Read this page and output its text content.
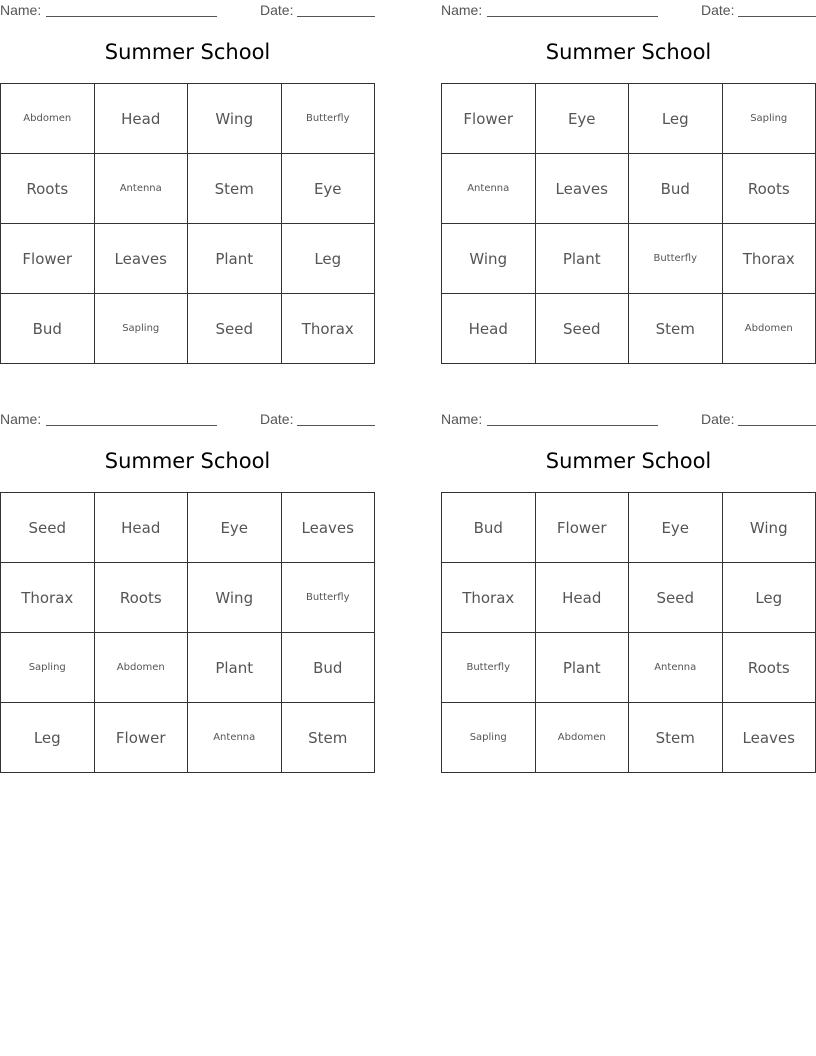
Name:	Date:
Summer School
Abdomen	Head	Wing	Butterfly
Roots	Antenna	Stem	Eye
Flower	Leaves	Plant	Leg
Bud	Sapling	Seed	Thorax
Name:	Date:
Summer School
Flower	Eye	Leg	Sapling
Antenna	Leaves	Bud	Roots
Wing	Plant	Butterfly	Thorax
Head	Seed	Stem	Abdomen
Name:	Date:
Summer School
Seed	Head	Eye	Leaves
Thorax	Roots	Wing	Butterfly
Sapling	Abdomen	Plant	Bud
Leg	Flower	Antenna	Stem
Name:	Date:
Summer School
Bud	Flower	Eye	Wing
Thorax	Head	Seed	Leg
Butterfly	Plant	Antenna	Roots
Sapling	Abdomen	Stem	Leaves
